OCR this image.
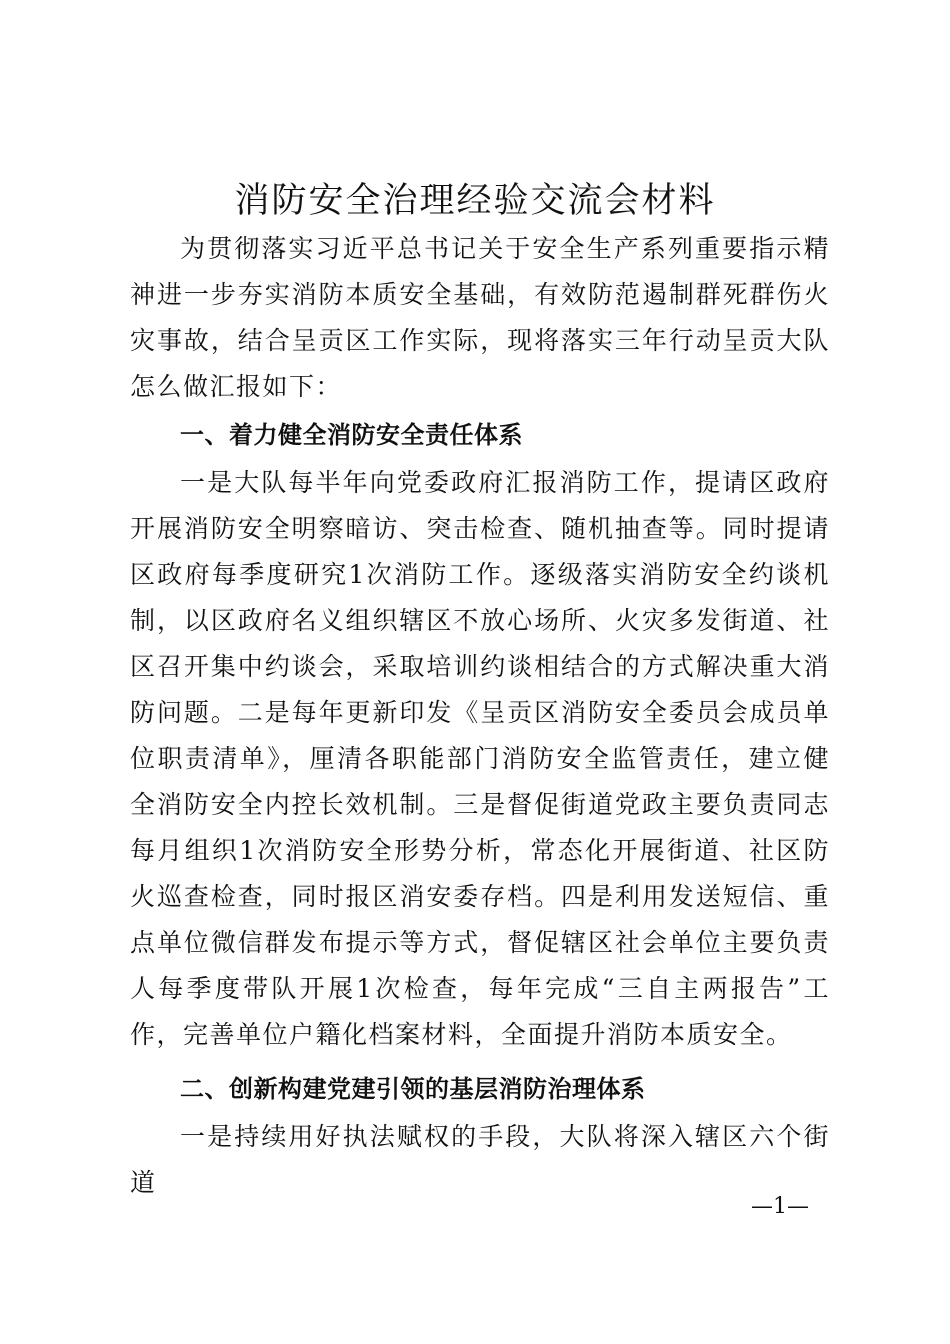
消防安全治理经验交流会材料

为贯彻落实习近平总书记关于安全生产系列重要指示精神进一步夯实消防本质安全基础，有效防范遏制群死群伤火灾事故，结合呈贡区工作实际，现将落实三年行动呈贡大队怎么做汇报如下：

一、着力健全消防安全责任体系

一是大队每半年向党委政府汇报消防工作，提请区政府开展消防安全明察暗访、突击检查、随机抽查等。同时提请区政府每季度研究1次消防工作。逐级落实消防安全约谈机制，以区政府名义组织辖区不放心场所、火灾多发街道、社区召开集中约谈会，采取培训约谈相结合的方式解决重大消防问题。二是每年更新印发《呈贡区消防安全委员会成员单位职责清单》，厘清各职能部门消防安全监管责任，建立健全消防安全内控长效机制。三是督促街道党政主要负责同志每月组织1次消防安全形势分析，常态化开展街道、社区防火巡查检查，同时报区消安委存档。四是利用发送短信、重点单位微信群发布提示等方式，督促辖区社会单位主要负责人每季度带队开展1次检查，每年完成“三自主两报告”工作，完善单位户籍化档案材料，全面提升消防本质安全。

二、创新构建党建引领的基层消防治理体系

一是持续用好执法赋权的手段，大队将深入辖区六个街道

—1—
